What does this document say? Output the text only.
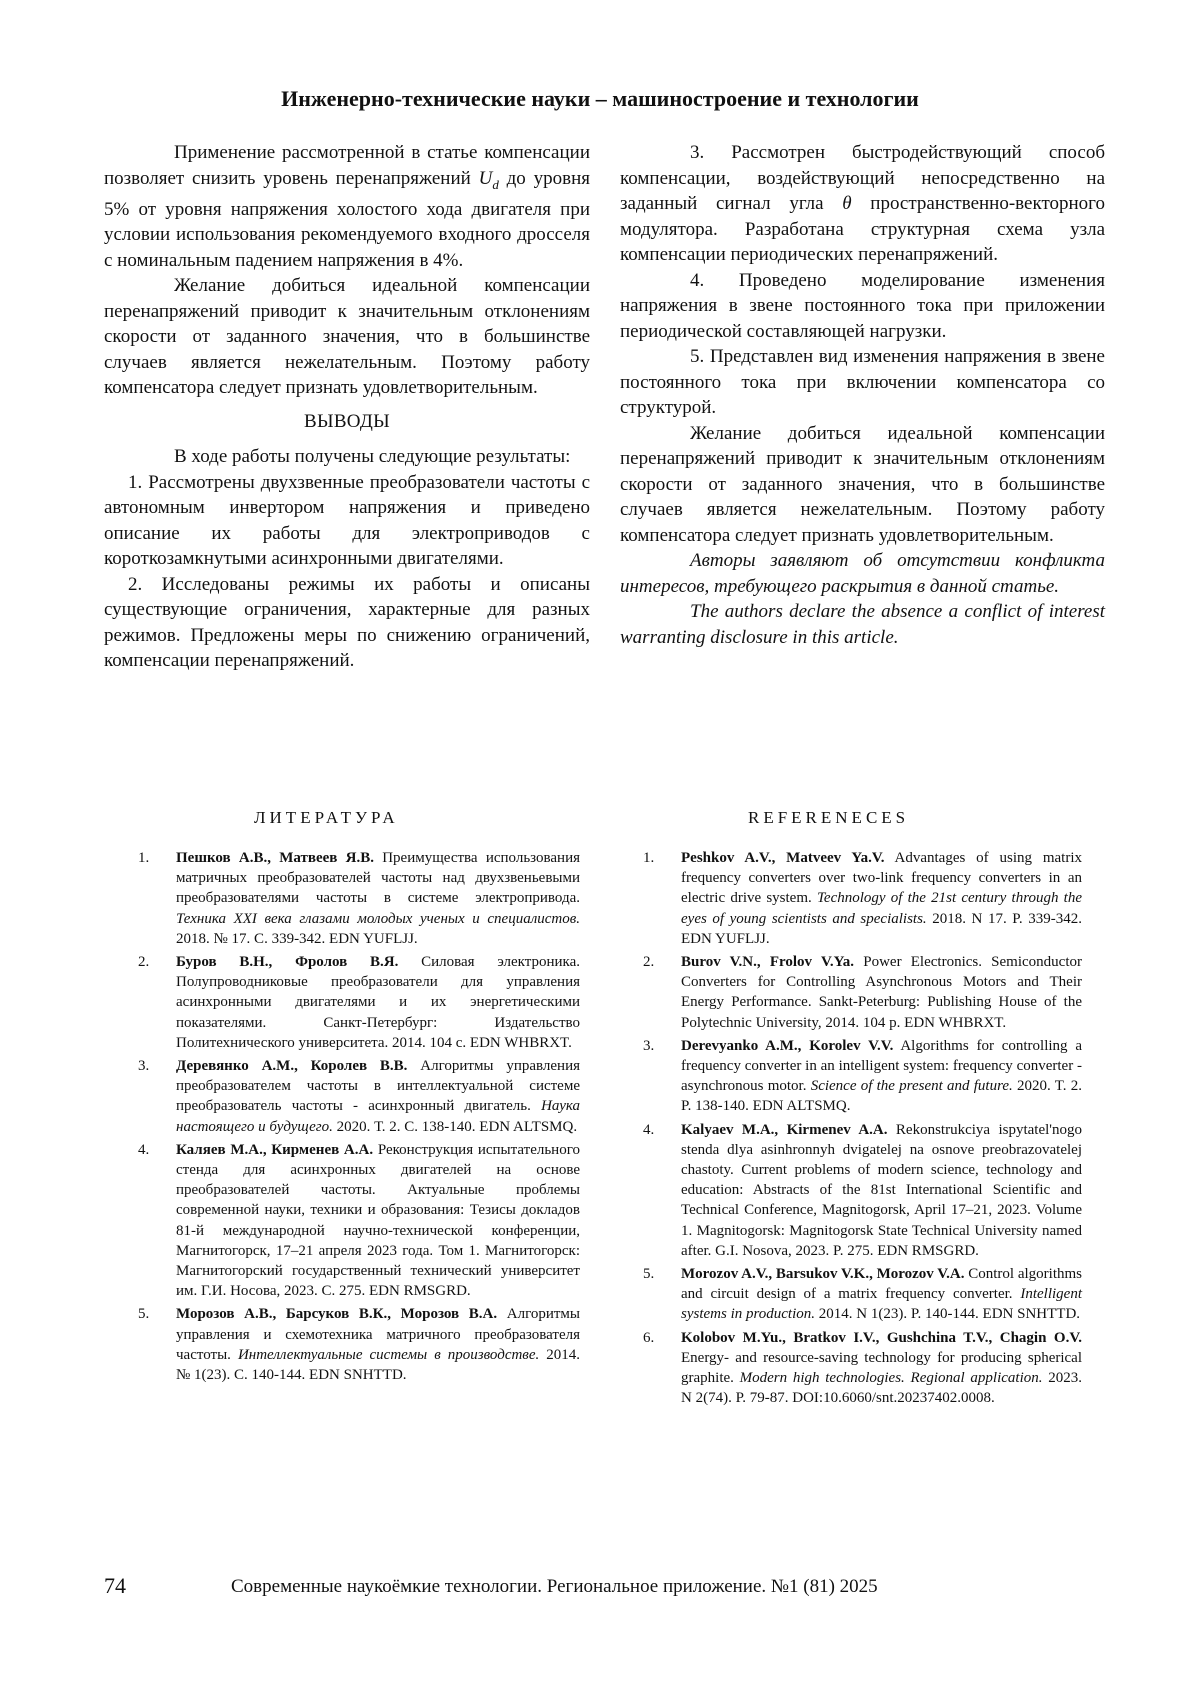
Инженерно-технические науки – машиностроение и технологии

Применение рассмотренной в статье компенсации позволяет снизить уровень перенапряжений $U_d$ до уровня 5% от уровня напряжения холостого хода двигателя при условии использования рекомендуемого входного дросселя с номинальным падением напряжения в 4%.

Желание добиться идеальной компенсации перенапряжений приводит к значительным отклонениям скорости от заданного значения, что в большинстве случаев является нежелательным. Поэтому работу компенсатора следует признать удовлетворительным.

ВЫВОДЫ

В ходе работы получены следующие результаты:

1. Рассмотрены двухзвенные преобразователи частоты с автономным инвертором напряжения и приведено описание их работы для электроприводов с короткозамкнутыми асинхронными двигателями.

2. Исследованы режимы их работы и описаны существующие ограничения, характерные для разных режимов. Предложены меры по снижению ограничений, компенсации перенапряжений.

3. Рассмотрен быстродействующий способ компенсации, воздействующий непосредственно на заданный сигнал угла θ пространственно-векторного модулятора. Разработана структурная схема узла компенсации периодических перенапряжений.

4. Проведено моделирование изменения напряжения в звене постоянного тока при приложении периодической составляющей нагрузки.

5. Представлен вид изменения напряжения в звене постоянного тока при включении компенсатора со структурой.

Желание добиться идеальной компенсации перенапряжений приводит к значительным отклонениям скорости от заданного значения, что в большинстве случаев является нежелательным. Поэтому работу компенсатора следует признать удовлетворительным.

Авторы заявляют об отсутствии конфликта интересов, требующего раскрытия в данной статье.

The authors declare the absence a conflict of interest warranting disclosure in this article.

ЛИТЕРАТУРА	REFERENECES
1. Пешков А.В., Матвеев Я.В. Преимущества использования матричных преобразователей частоты над двухзвеньевыми преобразователями частоты в системе электропривода. Техника XXI века глазами молодых ученых и специалистов. 2018. № 17. С. 339-342. EDN YUFLJJ.
2. Буров В.Н., Фролов В.Я. Силовая электроника. Полупроводниковые преобразователи для управления асинхронными двигателями и их энергетическими показателями. Санкт-Петербург: Издательство Политехнического университета. 2014. 104 с. EDN WHBRXT.
3. Деревянко А.М., Королев В.В. Алгоритмы управления преобразователем частоты в интеллектуальной системе преобразователь частоты - асинхронный двигатель. Наука настоящего и будущего. 2020. Т. 2. С. 138-140. EDN ALTSMQ.
4. Каляев М.А., Кирменев А.А. Реконструкция испытательного стенда для асинхронных двигателей на основе преобразователей частоты. Актуальные проблемы современной науки, техники и образования: Тезисы докладов 81-й международной научно-технической конференции, Магнитогорск, 17–21 апреля 2023 года. Том 1. Магнитогорск: Магнитогорский государственный технический университет им. Г.И. Носова, 2023. С. 275. EDN RMSGRD.
5. Морозов А.В., Барсуков В.К., Морозов В.А. Алгоритмы управления и схемотехника матричного преобразователя частоты. Интеллектуальные системы в производстве. 2014. № 1(23). С. 140-144. EDN SNHTTD.
1. Peshkov A.V., Matveev Ya.V. Advantages of using matrix frequency converters over two-link frequency converters in an electric drive system. Technology of the 21st century through the eyes of young scientists and specialists. 2018. N 17. P. 339-342. EDN YUFLJJ.
2. Burov V.N., Frolov V.Ya. Power Electronics. Semiconductor Converters for Controlling Asynchronous Motors and Their Energy Performance. Sankt-Peterburg: Publishing House of the Polytechnic University, 2014. 104 p. EDN WHBRXT.
3. Derevyanko A.M., Korolev V.V. Algorithms for controlling a frequency converter in an intelligent system: frequency converter - asynchronous motor. Science of the present and future. 2020. T. 2. P. 138-140. EDN ALTSMQ.
4. Kalyaev M.A., Kirmenev A.A. Rekonstrukciya ispytatel'nogo stenda dlya asinhronnyh dvigatelej na osnove preobrazovatelej chastoty. Current problems of modern science, technology and education: Abstracts of the 81st International Scientific and Technical Conference, Magnitogorsk, April 17–21, 2023. Volume 1. Magnitogorsk: Magnitogorsk State Technical University named after. G.I. Nosova, 2023. P. 275. EDN RMSGRD.
5. Morozov A.V., Barsukov V.K., Morozov V.A. Control algorithms and circuit design of a matrix frequency converter. Intelligent systems in production. 2014. N 1(23). P. 140-144. EDN SNHTTD.
6. Kolobov M.Yu., Bratkov I.V., Gushchina T.V., Chagin O.V. Energy- and resource-saving technology for producing spherical graphite. Modern high technologies. Regional application. 2023. N 2(74). P. 79-87. DOI:10.6060/snt.20237402.0008.
74	Современные наукоёмкие технологии. Региональное приложение. №1 (81) 2025
